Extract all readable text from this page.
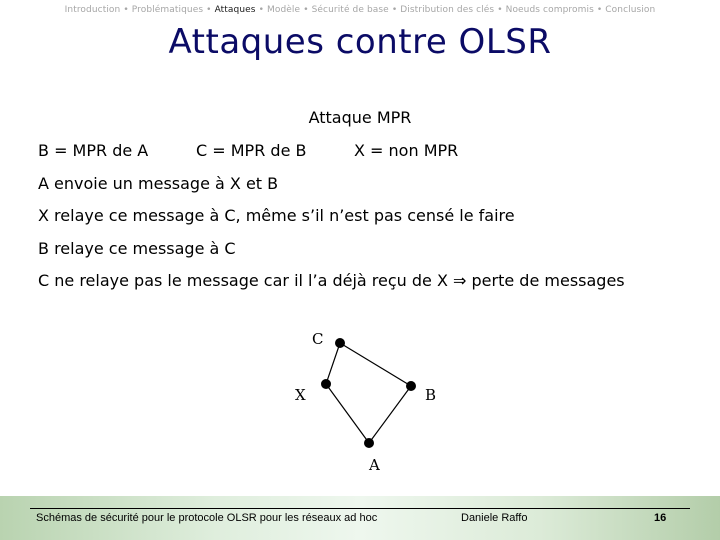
Introduction • Problématiques • Attaques • Modèle • Sécurité de base • Distribution des clés • Noeuds compromis • Conclusion
Attaques contre OLSR
Attaque MPR
B = MPR de A	C = MPR de B	X = non MPR
A envoie un message à X et B
X relaye ce message à C, même s’il n’est pas censé le faire
B relaye ce message à C
C ne relaye pas le message car il l’a déjà reçu de X ⇒ perte de messages
C
X	B
A
Schémas de sécurité pour le protocole OLSR pour les réseaux ad hoc	Daniele Raffo	16
